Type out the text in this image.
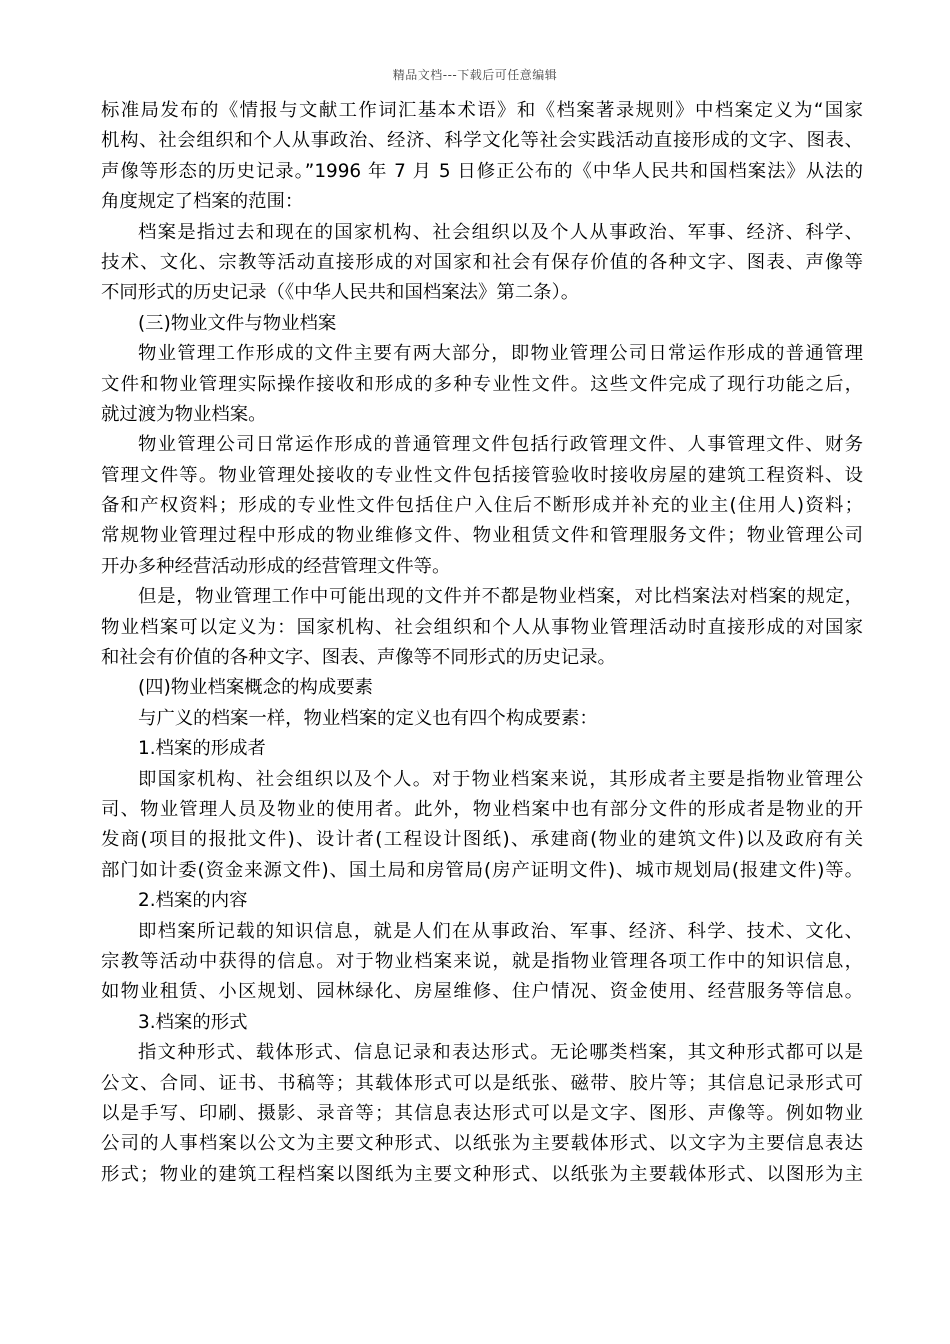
精品文档---下载后可任意编辑
标准局发布的《情报与文献工作词汇基本术语》和《档案著录规则》中档案定义为“国家
机构、社会组织和个人从事政治、经济、科学文化等社会实践活动直接形成的文字、图表、
声像等形态的历史记录。”1996 年 7 月 5 日修正公布的《中华人民共和国档案法》从法的
角度规定了档案的范围：
档案是指过去和现在的国家机构、社会组织以及个人从事政治、军事、经济、科学、
技术、文化、宗教等活动直接形成的对国家和社会有保存价值的各种文字、图表、声像等
不同形式的历史记录（《中华人民共和国档案法》第二条）。
(三)物业文件与物业档案
物业管理工作形成的文件主要有两大部分，即物业管理公司日常运作形成的普通管理
文件和物业管理实际操作接收和形成的多种专业性文件。这些文件完成了现行功能之后，
就过渡为物业档案。
物业管理公司日常运作形成的普通管理文件包括行政管理文件、人事管理文件、财务
管理文件等。物业管理处接收的专业性文件包括接管验收时接收房屋的建筑工程资料、设
备和产权资料；形成的专业性文件包括住户入住后不断形成并补充的业主(住用人)资料；
常规物业管理过程中形成的物业维修文件、物业租赁文件和管理服务文件；物业管理公司
开办多种经营活动形成的经营管理文件等。
但是，物业管理工作中可能出现的文件并不都是物业档案，对比档案法对档案的规定，
物业档案可以定义为：国家机构、社会组织和个人从事物业管理活动时直接形成的对国家
和社会有价值的各种文字、图表、声像等不同形式的历史记录。
(四)物业档案概念的构成要素
与广义的档案一样，物业档案的定义也有四个构成要素：
1.档案的形成者
即国家机构、社会组织以及个人。对于物业档案来说，其形成者主要是指物业管理公
司、物业管理人员及物业的使用者。此外，物业档案中也有部分文件的形成者是物业的开
发商(项目的报批文件)、设计者(工程设计图纸)、承建商(物业的建筑文件)以及政府有关
部门如计委(资金来源文件)、国土局和房管局(房产证明文件)、城市规划局(报建文件)等。
2.档案的内容
即档案所记载的知识信息，就是人们在从事政治、军事、经济、科学、技术、文化、
宗教等活动中获得的信息。对于物业档案来说，就是指物业管理各项工作中的知识信息，
如物业租赁、小区规划、园林绿化、房屋维修、住户情况、资金使用、经营服务等信息。
3.档案的形式
指文种形式、载体形式、信息记录和表达形式。无论哪类档案，其文种形式都可以是
公文、合同、证书、书稿等；其载体形式可以是纸张、磁带、胶片等；其信息记录形式可
以是手写、印刷、摄影、录音等；其信息表达形式可以是文字、图形、声像等。例如物业
公司的人事档案以公文为主要文种形式、以纸张为主要载体形式、以文字为主要信息表达
形式；物业的建筑工程档案以图纸为主要文种形式、以纸张为主要载体形式、以图形为主
